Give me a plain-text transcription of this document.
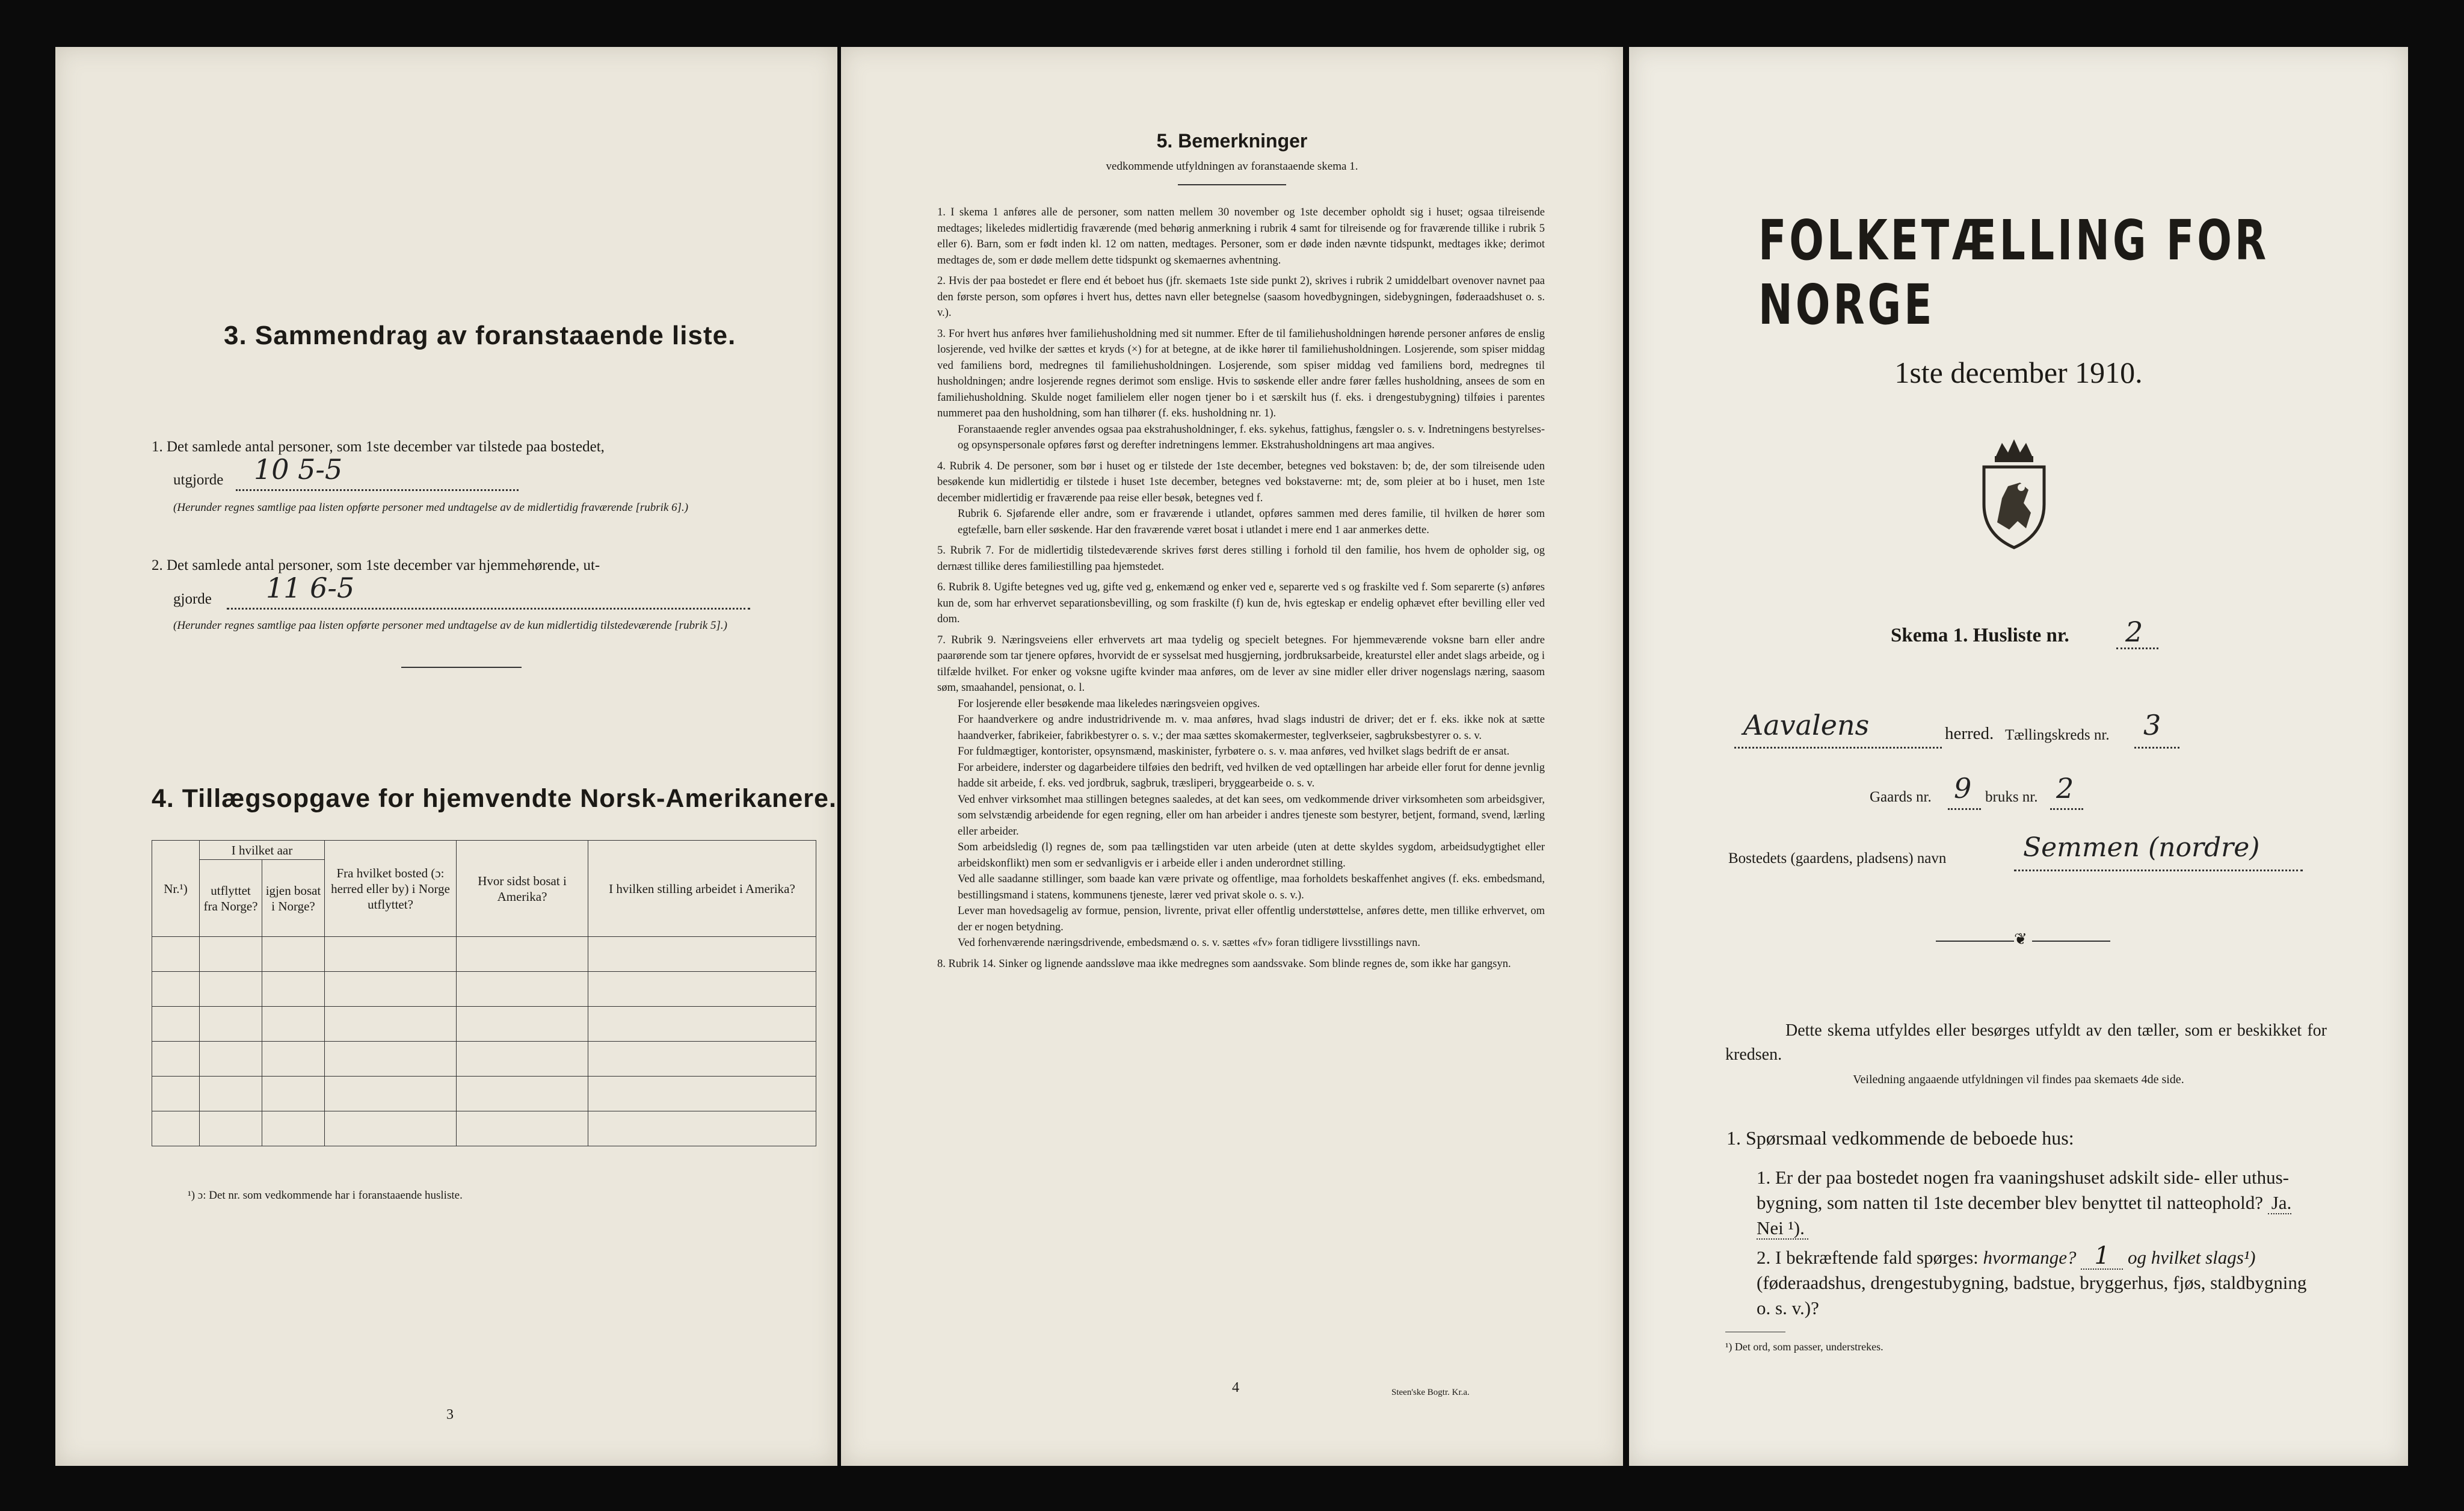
3. Sammendrag av foranstaaende liste.
1. Det samlede antal personer, som 1ste december var tilstede paa bostedet,
utgjorde 10 5-5
(Herunder regnes samtlige paa listen opførte personer med undtagelse av de midlertidig fraværende [rubrik 6].)
2. Det samlede antal personer, som 1ste december var hjemmehørende, ut-
gjorde 11 6-5
(Herunder regnes samtlige paa listen opførte personer med undtagelse av de kun midlertidig tilstedeværende [rubrik 5].)
4. Tillægsopgave for hjemvendte Norsk-Amerikanere.
Nr.¹)	I hvilket aar		Fra hvilket bosted (ɔ: herred eller by) i Norge utflyttet?	Hvor sidst bosat i Amerika?	I hvilken stilling arbeidet i Amerika?
	utflyttet fra Norge?	igjen bosat i Norge?			

¹) ɔ: Det nr. som vedkommende har i foranstaaende husliste.
3
5. Bemerkninger
vedkommende utfyldningen av foranstaaende skema 1.

1. I skema 1 anføres alle de personer, som natten mellem 30 november og 1ste december opholdt sig i huset; ogsaa tilreisende medtages; likeledes midlertidig fraværende (med behørig anmerkning i rubrik 4 samt for tilreisende og for fraværende tillike i rubrik 5 eller 6). Barn, som er født inden kl. 12 om natten, medtages. Personer, som er døde inden nævnte tidspunkt, medtages ikke; derimot medtages de, som er døde mellem dette tidspunkt og skemaernes avhentning.

2. Hvis der paa bostedet er flere end ét beboet hus (jfr. skemaets 1ste side punkt 2), skrives i rubrik 2 umiddelbart ovenover navnet paa den første person, som opføres i hvert hus, dettes navn eller betegnelse (saasom hovedbygningen, sidebygningen, føderaadshuset o. s. v.).

3. For hvert hus anføres hver familiehusholdning med sit nummer. Efter de til familiehusholdningen hørende personer anføres de enslig losjerende, ved hvilke der sættes et kryds (×) for at betegne, at de ikke hører til familiehusholdningen. Losjerende, som spiser middag ved familiens bord, medregnes til familiehusholdningen. Losjerende, som spiser middag ved familiens bord, medregnes til husholdningen; andre losjerende regnes derimot som enslige. Hvis to søskende eller andre fører fælles husholdning, ansees de som en familiehusholdning. Skulde noget familielem eller nogen tjener bo i et særskilt hus (f. eks. i drengestubygning) tilføies i parentes nummeret paa den husholdning, som han tilhører (f. eks. husholdning nr. 1).

Foranstaaende regler anvendes ogsaa paa ekstrahusholdninger, f. eks. sykehus, fattighus, fængsler o. s. v. Indretningens bestyrelses- og opsynspersonale opføres først og derefter indretningens lemmer. Ekstrahusholdningens art maa angives.

4. Rubrik 4. De personer, som bør i huset og er tilstede der 1ste december, betegnes ved bokstaven: b; de, der som tilreisende uden besøkende kun midlertidig er tilstede i huset 1ste december, betegnes ved bokstaverne: mt; de, som pleier at bo i huset, men 1ste december midlertidig er fraværende paa reise eller besøk, betegnes ved f.

Rubrik 6. Sjøfarende eller andre, som er fraværende i utlandet, opføres sammen med deres familie, til hvilken de hører som egtefælle, barn eller søskende. Har den fraværende været bosat i utlandet i mere end 1 aar anmerkes dette.

5. Rubrik 7. For de midlertidig tilstedeværende skrives først deres stilling i forhold til den familie, hos hvem de opholder sig, og dernæst tillike deres familiestilling paa hjemstedet.

6. Rubrik 8. Ugifte betegnes ved ug, gifte ved g, enkemænd og enker ved e, separerte ved s og fraskilte ved f. Som separerte (s) anføres kun de, som har erhvervet separationsbevilling, og som fraskilte (f) kun de, hvis egteskap er endelig ophævet efter bevilling eller ved dom.

7. Rubrik 9. Næringsveiens eller erhvervets art maa tydelig og specielt betegnes. For hjemmeværende voksne barn eller andre paarørende som tar tjenere opføres, hvorvidt de er sysselsat med husgjerning, jordbruksarbeide, kreaturstel eller andet slags arbeide, og i tilfælde hvilket. For enker og voksne ugifte kvinder maa anføres, om de lever av sine midler eller driver nogenslags næring, saasom søm, smaahandel, pensionat, o. l.

For losjerende eller besøkende maa likeledes næringsveien opgives.

For haandverkere og andre industridrivende m. v. maa anføres, hvad slags industri de driver; det er f. eks. ikke nok at sætte haandverker, fabrikeier, fabrikbestyrer o. s. v.; der maa sættes skomakermester, teglverkseier, sagbruksbestyrer o. s. v.

For fuldmægtiger, kontorister, opsynsmænd, maskinister, fyrbøtere o. s. v. maa anføres, ved hvilket slags bedrift de er ansat.

For arbeidere, inderster og dagarbeidere tilføies den bedrift, ved hvilken de ved optællingen har arbeide eller forut for denne jevnlig hadde sit arbeide, f. eks. ved jordbruk, sagbruk, træsliperi, bryggearbeide o. s. v.

Ved enhver virksomhet maa stillingen betegnes saaledes, at det kan sees, om vedkommende driver virksomheten som arbeidsgiver, som selvstændig arbeidende for egen regning, eller om han arbeider i andres tjeneste som bestyrer, betjent, formand, svend, lærling eller arbeider.

Som arbeidsledig (l) regnes de, som paa tællingstiden var uten arbeide (uten at dette skyldes sygdom, arbeidsudygtighet eller arbeidskonflikt) men som er sedvanligvis er i arbeide eller i anden underordnet stilling.

Ved alle saadanne stillinger, som baade kan være private og offentlige, maa forholdets beskaffenhet angives (f. eks. embedsmand, bestillingsmand i statens, kommunens tjeneste, lærer ved privat skole o. s. v.).

Lever man hovedsagelig av formue, pension, livrente, privat eller offentlig understøttelse, anføres dette, men tillike erhvervet, om der er nogen betydning.

Ved forhenværende næringsdrivende, embedsmænd o. s. v. sættes «fv» foran tidligere livsstillings navn.

8. Rubrik 14. Sinker og lignende aandssløve maa ikke medregnes som aandssvake. Som blinde regnes de, som ikke har gangsyn.

4	Steen'ske Bogtr. Kr.a.
FOLKETÆLLING FOR NORGE
1ste december 1910.
Skema 1. Husliste nr. 2
Aavalens	herred. Tællingskreds nr. 3
Gaards nr. 9 bruks nr. 2
Bostedets (gaardens, pladsens) navn	Semmen (nordre)
❦
Dette skema utfyldes eller besørges utfyldt av den tæller, som er beskikket for kredsen.
Veiledning angaaende utfyldningen vil findes paa skemaets 4de side.
1. Spørsmaal vedkommende de beboede hus:
1. Er der paa bostedet nogen fra vaaningshuset adskilt side- eller uthus-bygning, som natten til 1ste december blev benyttet til natteophold? Ja. Nei ¹).
2. I bekræftende fald spørges: hvormange? 1 og hvilket slags¹) (føderaadshus, drengestubygning, badstue, bryggerhus, fjøs, staldbygning o. s. v.)?
¹) Det ord, som passer, understrekes.
